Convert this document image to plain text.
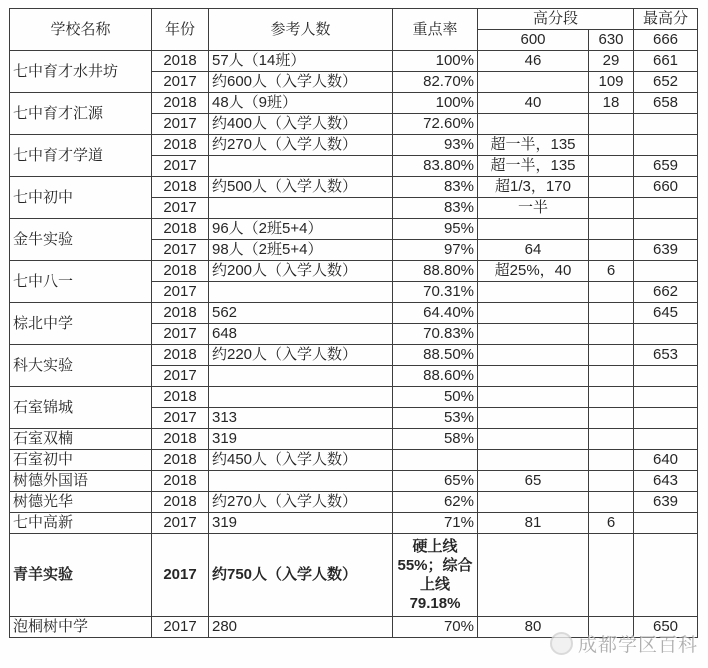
学校名称	年份	参考人数	重点率	高分段		最高分
				600	630	666
七中育才水井坊	2018	57人（14班）	100%	46	29	661
	2017	约600人（入学人数）	82.70%		109	652
七中育才汇源	2018	48人（9班）	100%	40	18	658
	2017	约400人（入学人数）	72.60%			
七中育才学道	2018	约270人（入学人数）	93%	超一半，135		
	2017		83.80%	超一半，135		659
七中初中	2018	约500人（入学人数）	83%	超1/3，170		660
	2017		83%	一半		
金牛实验	2018	96人（2班5+4）	95%			
	2017	98人（2班5+4）	97%	64		639
七中八一	2018	约200人（入学人数）	88.80%	超25%，40	6	
	2017		70.31%			662
棕北中学	2018	562	64.40%			645
	2017	648	70.83%			
科大实验	2018	约220人（入学人数）	88.50%			653
	2017		88.60%			
石室锦城	2018		50%			
	2017	313	53%			
石室双楠	2018	319	58%			
石室初中	2018	约450人（入学人数）				640
树德外国语	2018		65%	65		643
树德光华	2018	约270人（入学人数）	62%			639
七中高新	2017	319	71%	81	6	
青羊实验	2017	约750人（入学人数）	硬上线55%；综合上线79.18%			
泡桐树中学	2017	280	70%	80		650
成都学区百科
